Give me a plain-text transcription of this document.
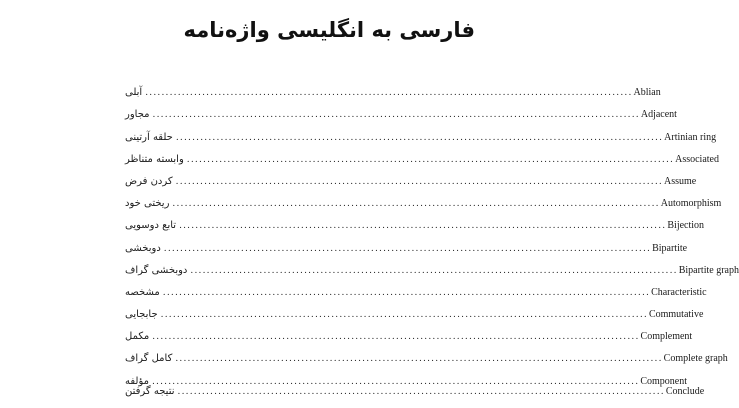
فارسی به انگلیسی واژه‌نامه
آبلی ........................................................................................................................ Ablian
مجاور ........................................................................................................................ Adjacent
حلقه آرتینی ........................................................................................................................ Artinian ring
وابسته متناظر ........................................................................................................................ Associated
کردن فرض ........................................................................................................................ Assume
ریختی خود ........................................................................................................................ Automorphism
تابع دوسو‌یی ........................................................................................................................ Bijection
دوبخشی ........................................................................................................................ Bipartite
دوبخشی گراف ........................................................................................................................ Bipartite graph
مشخصه ........................................................................................................................ Characteristic
جابجایی ........................................................................................................................ Commutative
مکمل ........................................................................................................................ Complement
کامل گراف ........................................................................................................................ Complete graph
مؤلفه ........................................................................................................................ Component
نتیجه گرفتن ........................................................................................................................ Conclude
